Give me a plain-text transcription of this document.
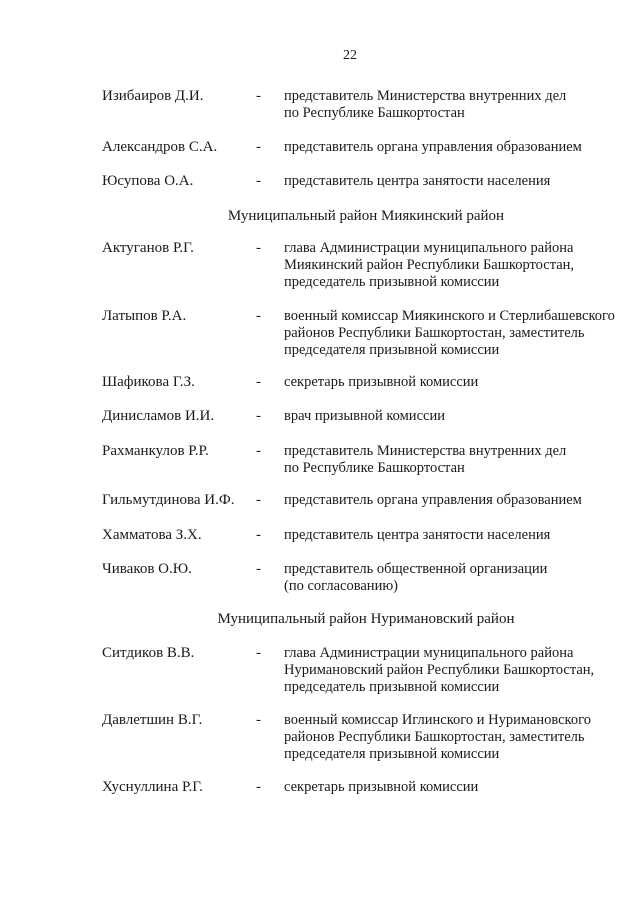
22
Изибаиров Д.И.	- представитель Министерства внутренних дел
по Республике Башкортостан
Александров С.А.	- представитель органа управления образованием
Юсупова О.А.	- представитель центра занятости населения
Муниципальный район Миякинский район
Актуганов Р.Г.	- глава Администрации муниципального района
Миякинский район Республики Башкортостан,
председатель призывной комиссии
Латыпов Р.А.	- военный комиссар Миякинского и Стерлибашевского
районов Республики Башкортостан, заместитель
председателя призывной комиссии
Шафикова Г.З.	- секретарь призывной комиссии
Динисламов И.И.	- врач призывной комиссии
Рахманкулов Р.Р.	- представитель Министерства внутренних дел
по Республике Башкортостан
Гильмутдинова И.Ф. - представитель органа управления образованием
Хамматова З.Х.	- представитель центра занятости населения
Чиваков О.Ю.	- представитель общественной организации
(по согласованию)
Муниципальный район Нуримановский район
Ситдиков В.В.	- глава Администрации муниципального района
Нуримановский район Республики Башкортостан,
председатель призывной комиссии
Давлетшин В.Г.	- военный комиссар Иглинского и Нуримановского
районов Республики Башкортостан, заместитель
председателя призывной комиссии
Хуснуллина Р.Г.	- секретарь призывной комиссии
